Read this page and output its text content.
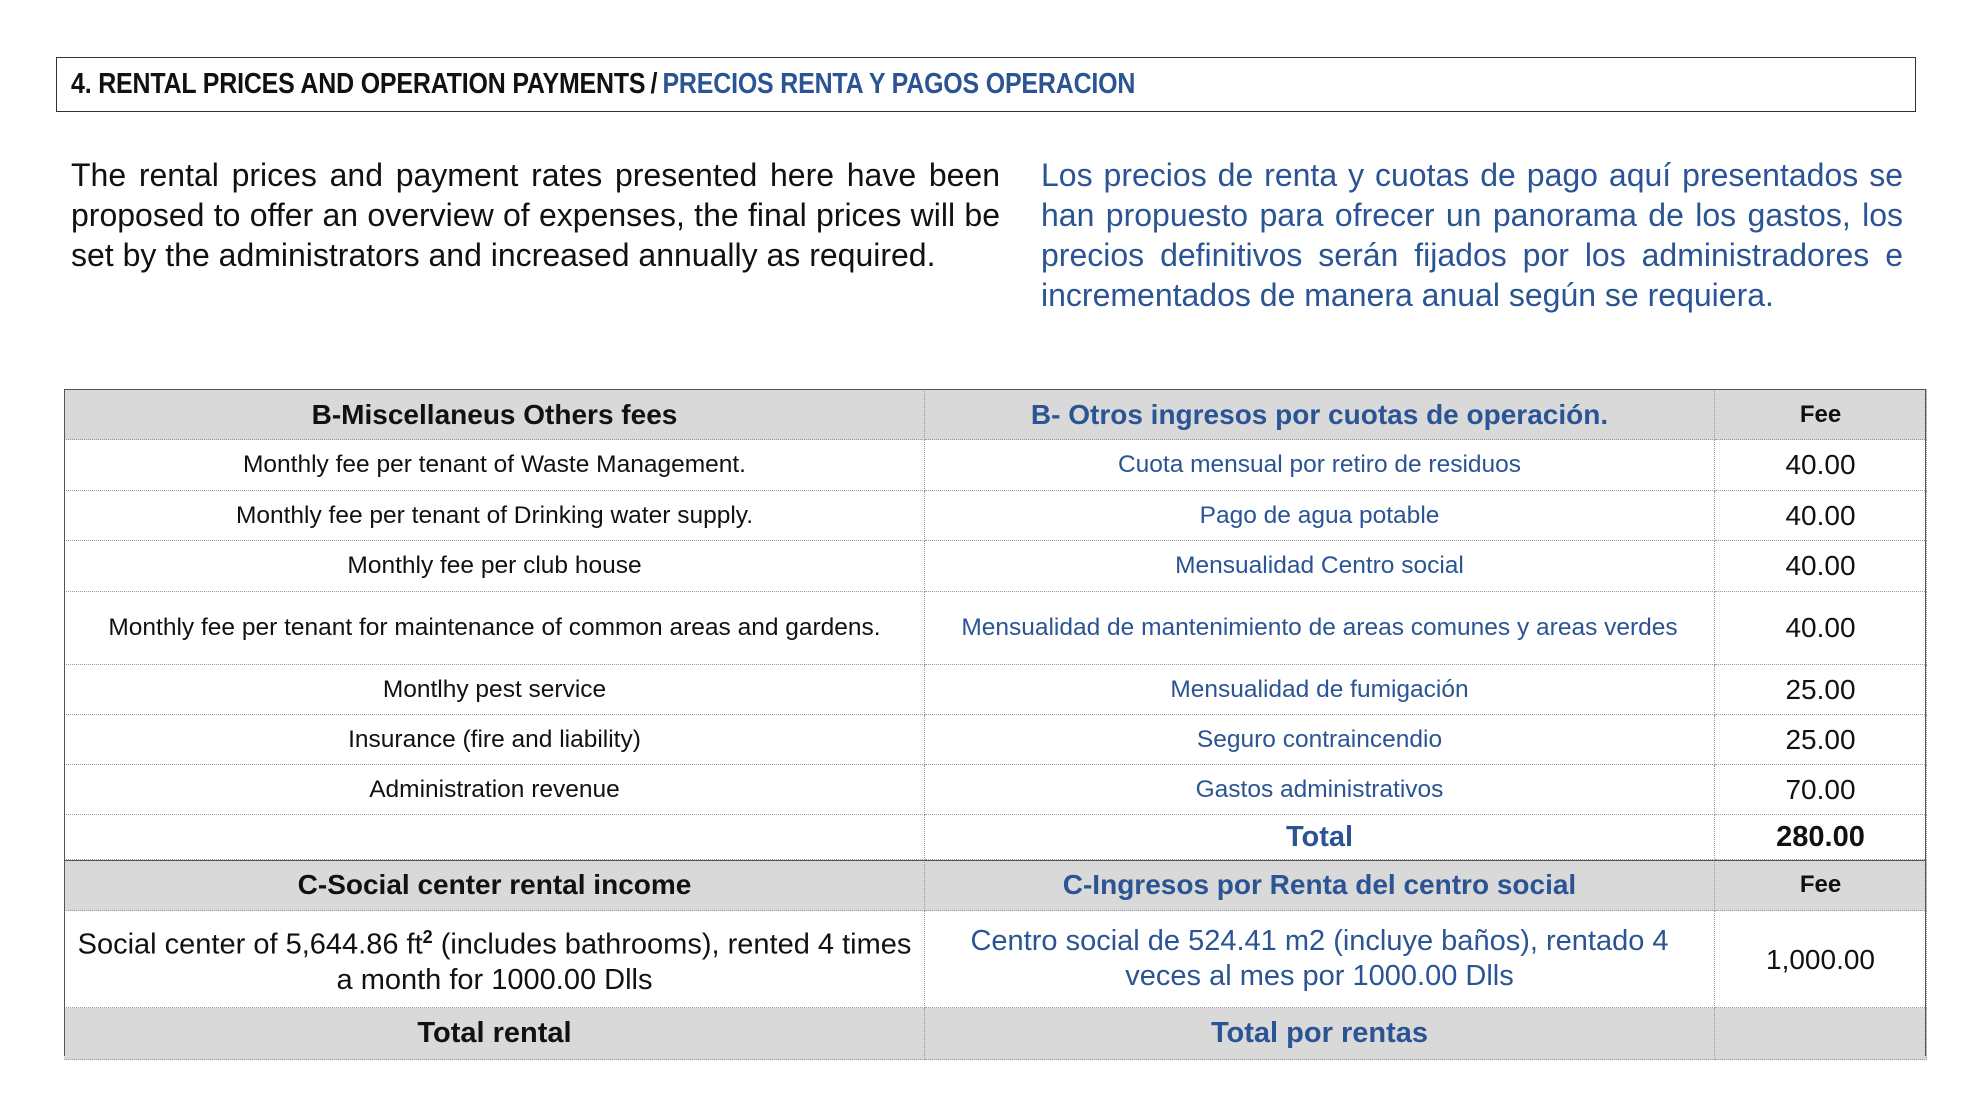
4. RENTAL PRICES AND OPERATION PAYMENTS / PRECIOS RENTA Y PAGOS OPERACION
The rental prices and payment rates presented here have been proposed to offer an overview of expenses, the final prices will be set by the administrators and increased annually as required.
Los precios de renta y cuotas de pago aquí presentados se han propuesto para ofrecer un panorama de los gastos, los precios definitivos serán fijados por los administradores e incrementados de manera anual según se requiera.
B-Miscellaneus Others fees	B- Otros ingresos por cuotas de operación.	Fee
Monthly fee per tenant of Waste Management.	Cuota mensual por retiro de residuos	40.00
Monthly fee per tenant of Drinking water supply.	Pago de agua potable	40.00
Monthly fee per club house	Mensualidad Centro social	40.00
Monthly fee per tenant for maintenance of common areas and gardens.	Mensualidad de mantenimiento de areas comunes y areas verdes	40.00
Montlhy pest service	Mensualidad de fumigación	25.00
Insurance (fire and liability)	Seguro contraincendio	25.00
Administration revenue	Gastos administrativos	70.00
	Total	280.00
C-Social center rental income	C-Ingresos por Renta del centro social	Fee
Social center of 5,644.86 $ft^2$ (includes bathrooms), rented 4 times a month for 1000.00 Dlls	Centro social de 524.41 m2 (incluye baños), rentado 4 veces al mes por 1000.00 Dlls	1,000.00
Total rental	Total por rentas	
